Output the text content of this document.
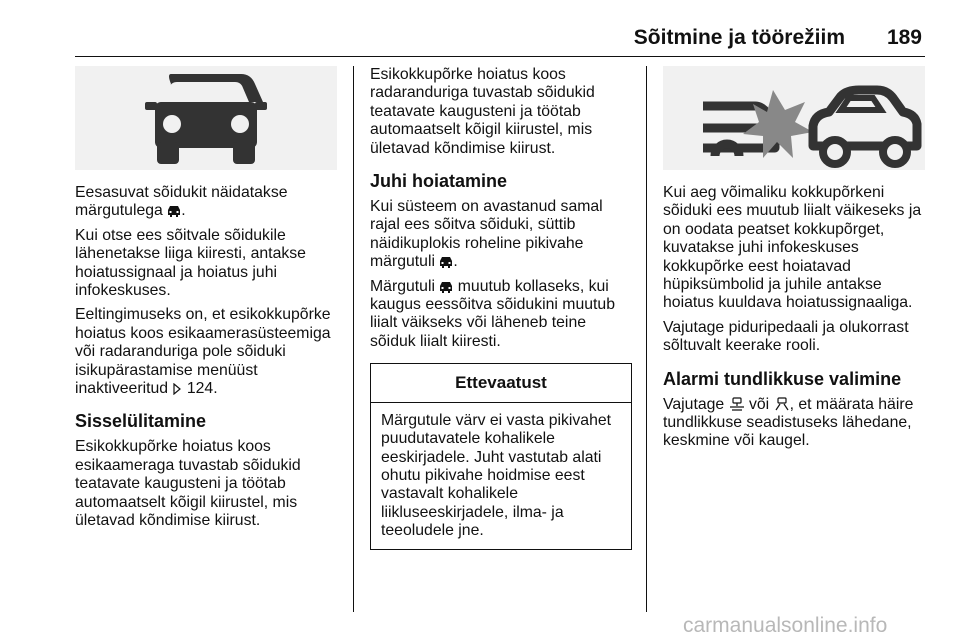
Sõitmine ja töörežiim 189

Eesasuvat sõidukit näidatakse märgutulega .

Kui otse ees sõitvale sõidukile lähenetakse liiga kiiresti, antakse hoiatussignaal ja hoiatus juhi infokeskuses.

Eeltingimuseks on, et esikokkupõrke hoiatus koos esikaamerasüsteemiga või radaranduriga pole sõiduki isikupärastamise menüüst inaktiveeritud 124.

Sisselülitamine

Esikokkupõrke hoiatus koos esikaameraga tuvastab sõidukid teatavate kaugusteni ja töötab automaatselt kõigil kiirustel, mis ületavad kõndimise kiirust.

Esikokkupõrke hoiatus koos radaranduriga tuvastab sõidukid teatavate kaugusteni ja töötab automaatselt kõigil kiirustel, mis ületavad kõndimise kiirust.

Juhi hoiatamine

Kui süsteem on avastanud samal rajal ees sõitva sõiduki, süttib näidikuplokis roheline pikivahe märgutuli .

Märgutuli muutub kollaseks, kui kaugus eessõitva sõidukini muutub liialt väikseks või läheneb teine sõiduk liialt kiiresti.

Ettevaatust
Märgutule värv ei vasta pikivahet puudutavatele kohalikele eeskirjadele. Juht vastutab alati ohutu pikivahe hoidmise eest vastavalt kohalikele liikluseeskirjadele, ilma- ja teeoludele jne.

Kui aeg võimaliku kokkupõrkeni sõiduki ees muutub liialt väikeseks ja on oodata peatset kokkupõrget, kuvatakse juhi infokeskuses kokkupõrke eest hoiatavad hüpiksümbolid ja juhile antakse hoiatus kuuldava hoiatussignaaliga.

Vajutage piduripedaali ja olukorrast sõltuvalt keerake rooli.

Alarmi tundlikkuse valimine

Vajutage või , et määrata häire tundlikkuse seadistuseks lähedane, keskmine või kaugel.

carmanualsonline.info
